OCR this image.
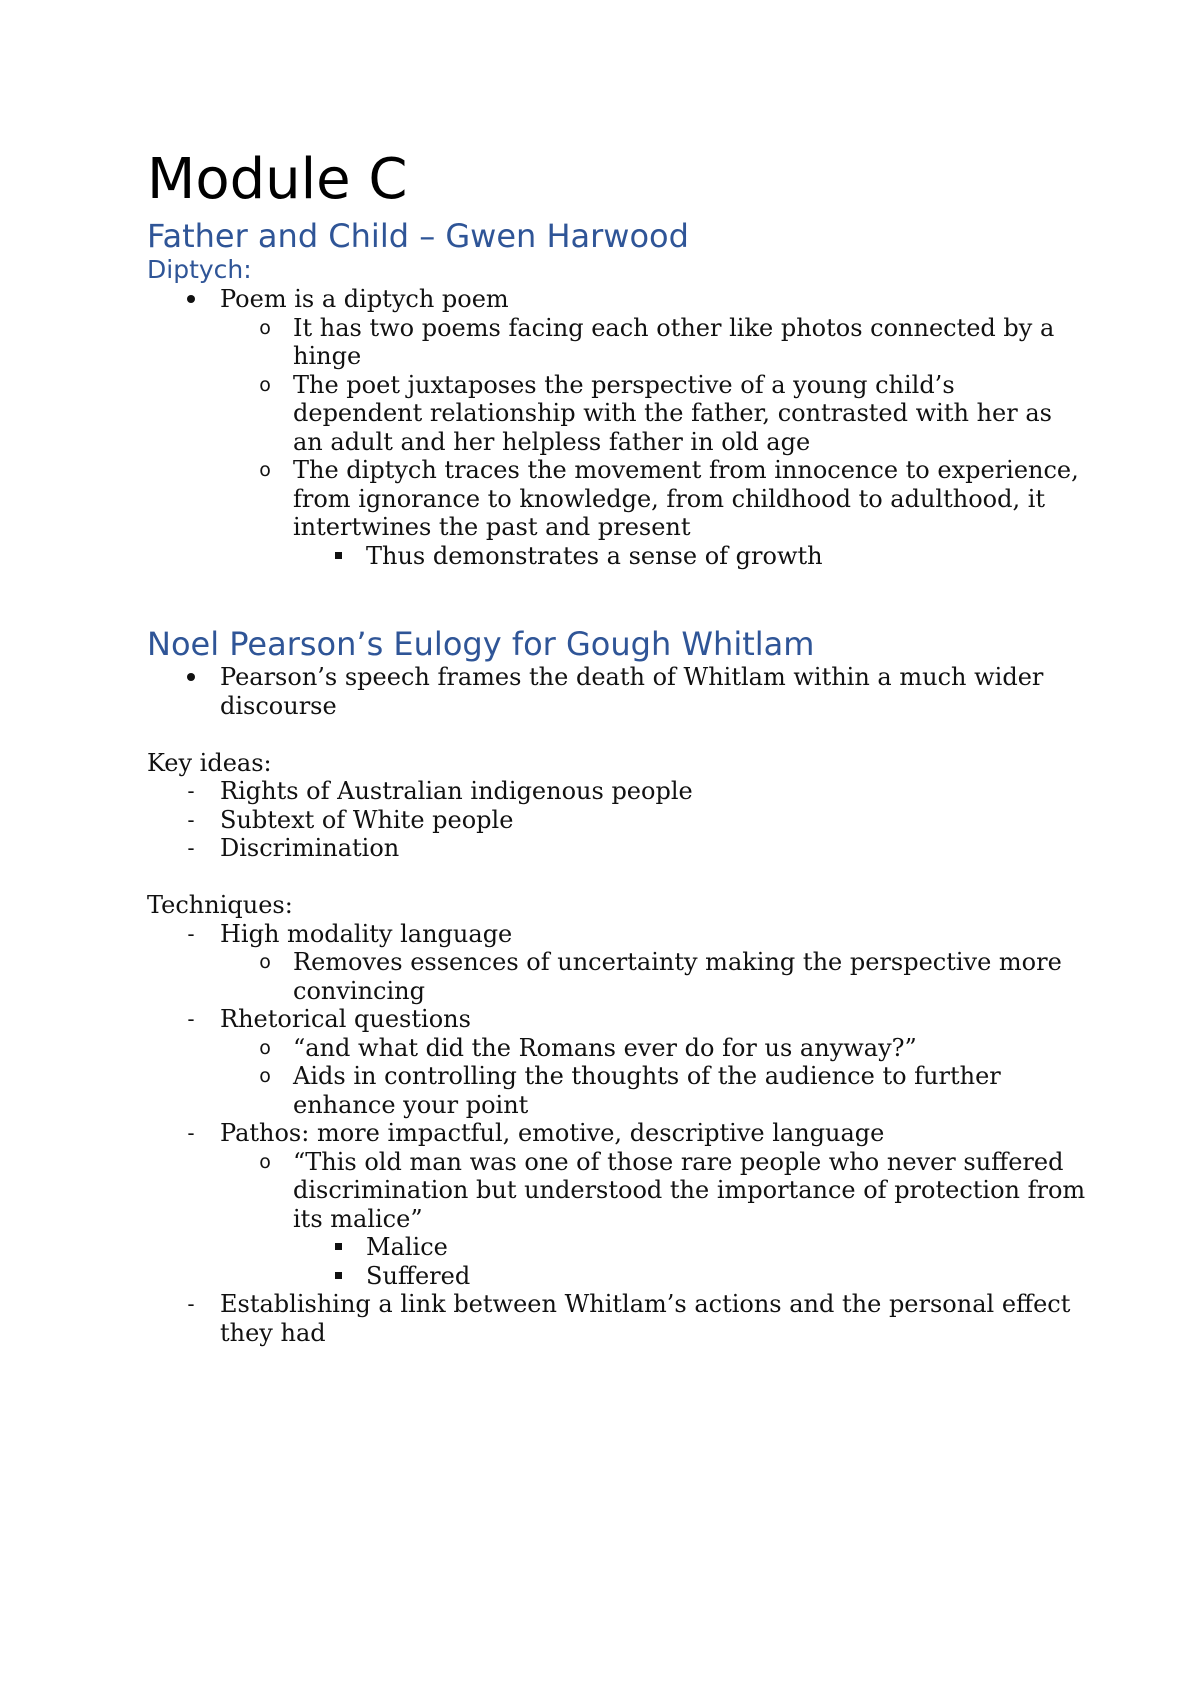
Module C
Father and Child – Gwen Harwood
Diptych:
Poem is a diptych poem
o It has two poems facing each other like photos connected by a hinge
o The poet juxtaposes the perspective of a young child’s dependent relationship with the father, contrasted with her as an adult and her helpless father in old age
o The diptych traces the movement from innocence to experience, from ignorance to knowledge, from childhood to adulthood, it intertwines the past and present
Thus demonstrates a sense of growth
Noel Pearson’s Eulogy for Gough Whitlam
Pearson’s speech frames the death of Whitlam within a much wider discourse

Key ideas:

- Rights of Australian indigenous people
- Subtext of White people
- Discrimination

Techniques:

- High modality language
o Removes essences of uncertainty making the perspective more convincing
- Rhetorical questions
o “and what did the Romans ever do for us anyway?”
o Aids in controlling the thoughts of the audience to further enhance your point
- Pathos: more impactful, emotive, descriptive language
o “This old man was one of those rare people who never suffered discrimination but understood the importance of protection from its malice”
Malice
Suffered
- Establishing a link between Whitlam’s actions and the personal effect they had
